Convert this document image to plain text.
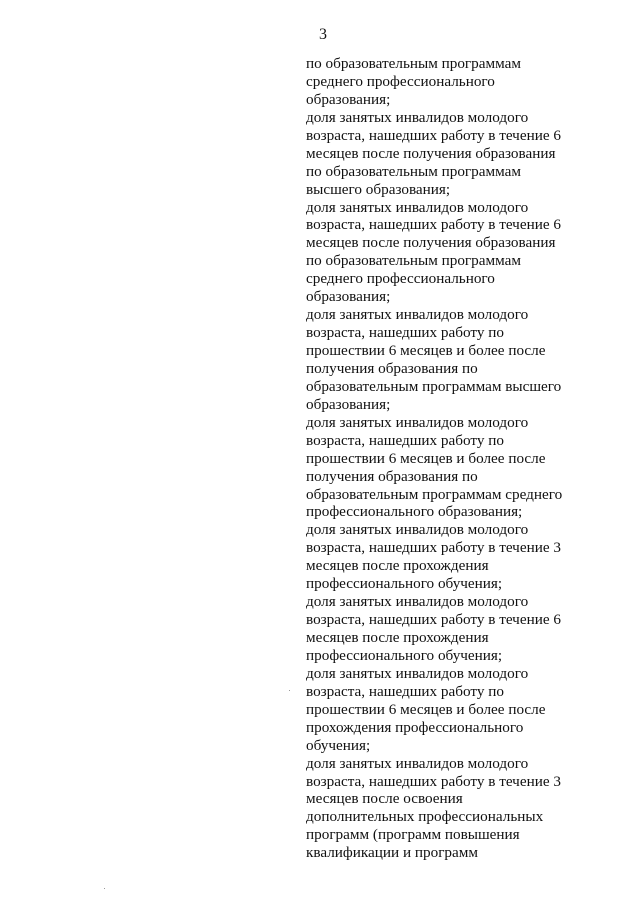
3
по образовательным программам
среднего профессионального
образования;
доля занятых инвалидов молодого
возраста, нашедших работу в течение 6
месяцев после получения образования
по образовательным программам
высшего образования;
доля занятых инвалидов молодого
возраста, нашедших работу в течение 6
месяцев после получения образования
по образовательным программам
среднего профессионального
образования;
доля занятых инвалидов молодого
возраста, нашедших работу по
прошествии 6 месяцев и более после
получения образования по
образовательным программам высшего
образования;
доля занятых инвалидов молодого
возраста, нашедших работу по
прошествии 6 месяцев и более после
получения образования по
образовательным программам среднего
профессионального образования;
доля занятых инвалидов молодого
возраста, нашедших работу в течение 3
месяцев после прохождения
профессионального обучения;
доля занятых инвалидов молодого
возраста, нашедших работу в течение 6
месяцев после прохождения
профессионального обучения;
доля занятых инвалидов молодого
возраста, нашедших работу по
прошествии 6 месяцев и более после
прохождения профессионального
обучения;
доля занятых инвалидов молодого
возраста, нашедших работу в течение 3
месяцев после освоения
дополнительных профессиональных
программ (программ повышения
квалификации и программ
